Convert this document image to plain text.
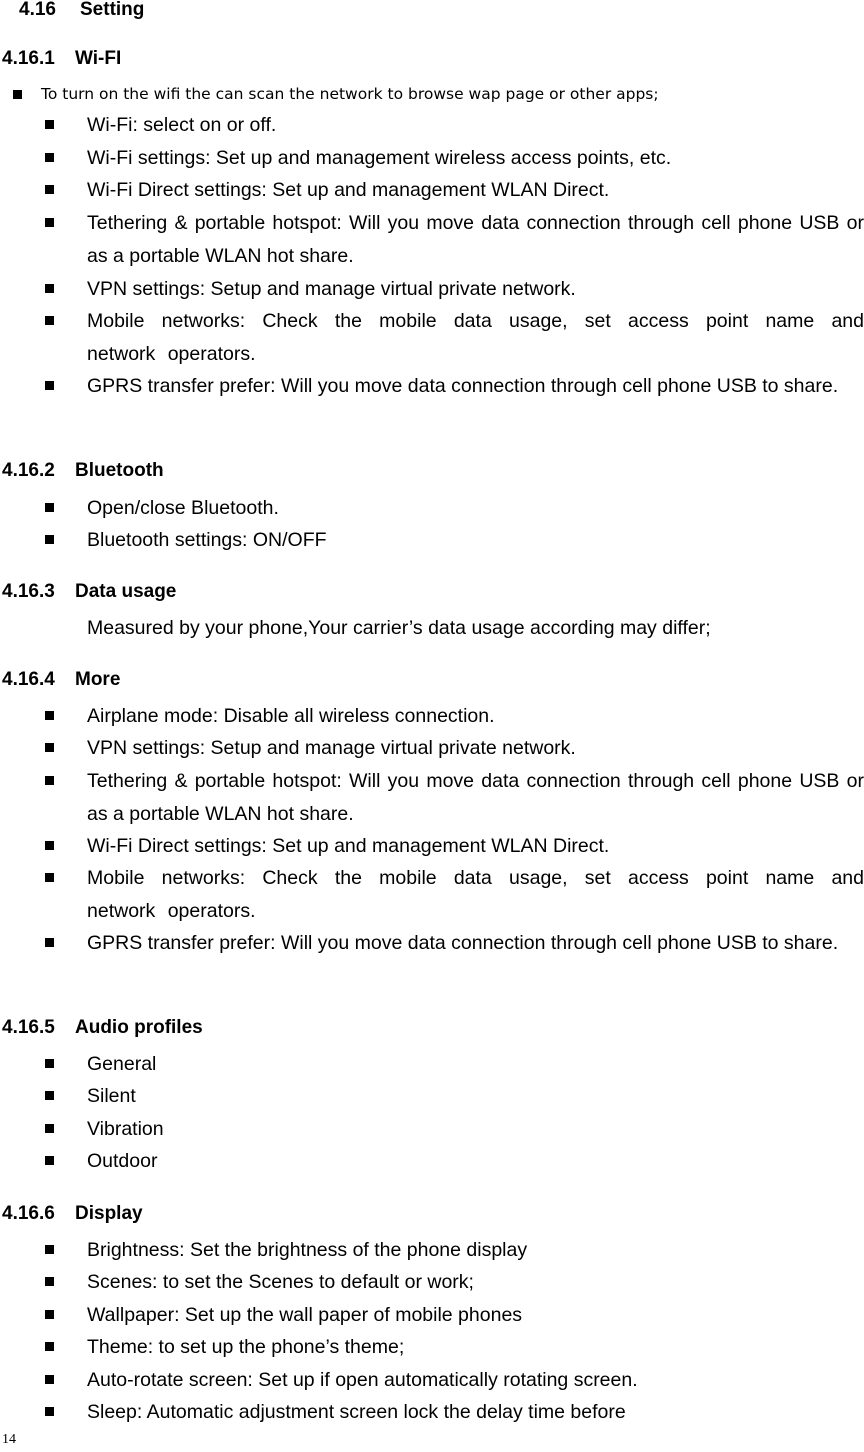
4.16 Setting
4.16.1 Wi-FI
To turn on the wifi the can scan the network to browse wap page or other apps;
Wi-Fi: select on or off.
Wi-Fi settings: Set up and management wireless access points, etc.
Wi-Fi Direct settings: Set up and management WLAN Direct.
Tethering & portable hotspot: Will you move data connection through cell phone USB or as a portable WLAN hot share.
VPN settings: Setup and manage virtual private network.
Mobile networks: Check the mobile data usage, set access point name and network operators.
GPRS transfer prefer: Will you move data connection through cell phone USB to share.
4.16.2 Bluetooth
Open/close Bluetooth.
Bluetooth settings: ON/OFF
4.16.3 Data usage
Measured by your phone,Your carrier’s data usage according may differ;
4.16.4 More
Airplane mode: Disable all wireless connection.
VPN settings: Setup and manage virtual private network.
Tethering & portable hotspot: Will you move data connection through cell phone USB or as a portable WLAN hot share.
Wi-Fi Direct settings: Set up and management WLAN Direct.
Mobile networks: Check the mobile data usage, set access point name and network operators.
GPRS transfer prefer: Will you move data connection through cell phone USB to share.
4.16.5 Audio profiles
General
Silent
Vibration
Outdoor
4.16.6 Display
Brightness: Set the brightness of the phone display
Scenes: to set the Scenes to default or work;
Wallpaper: Set up the wall paper of mobile phones
Theme: to set up the phone’s theme;
Auto-rotate screen: Set up if open automatically rotating screen.
Sleep: Automatic adjustment screen lock the delay time before
14
